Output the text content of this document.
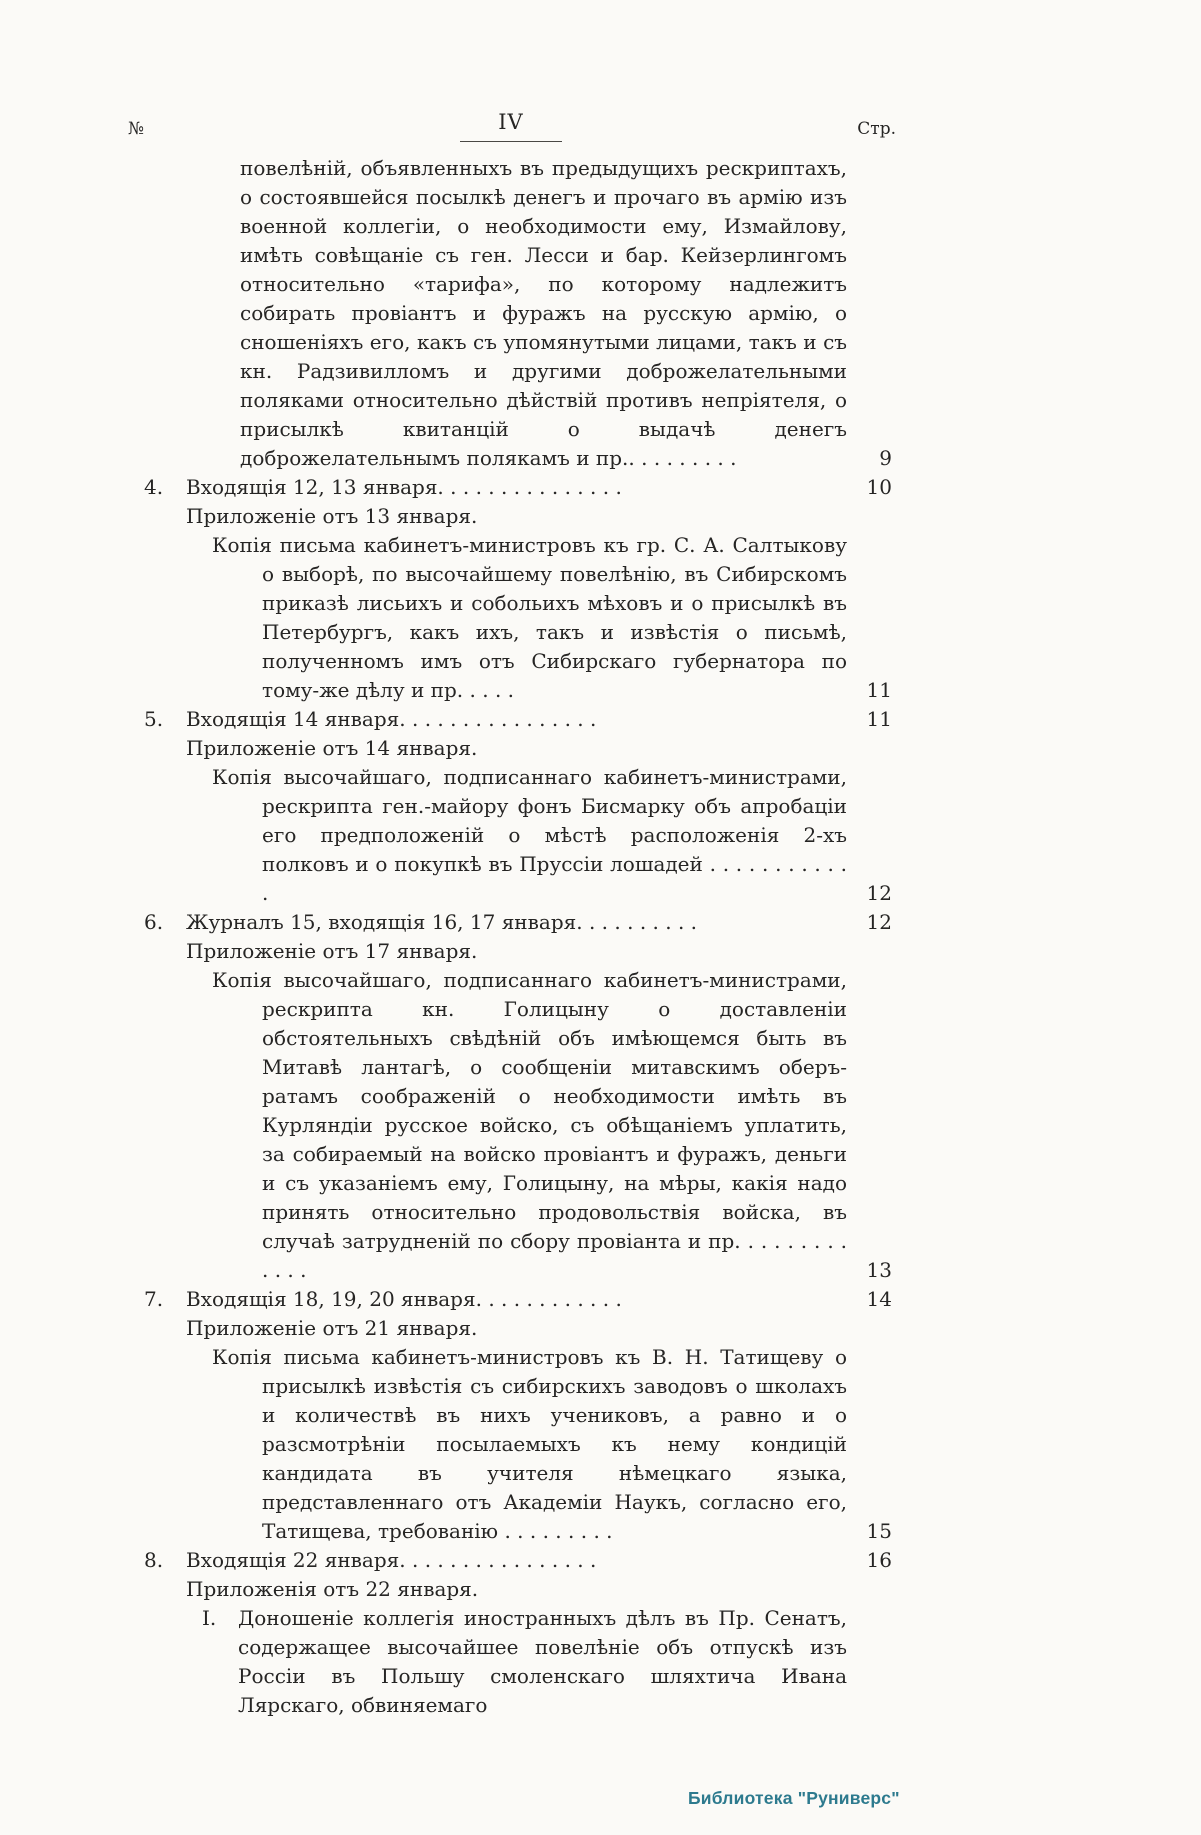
IV
№	Стр.
повелѣній, объявленныхъ въ предыдущихъ рескриптахъ, о состоявшейся посылкѣ денегъ и прочаго въ армію изъ военной коллегіи, о необходимости ему, Измайлову, имѣть совѣщаніе съ ген. Лесси и бар. Кейзерлингомъ относительно «тарифа», по которому надлежитъ собирать провіантъ и фуражъ на русскую армію, о сношеніяхъ его, какъ съ упомянутыми лицами, такъ и съ кн. Радзивилломъ и другими доброжелательными поляками относительно дѣйствій противъ непріятеля, о присылкѣ квитанцій о выдачѣ денегъ доброжелательнымъ полякамъ и пр.. . . . . . . . .	9
4.	Входящія 12, 13 января. . . . . . . . . . . . . . .	10
Приложеніе отъ 13 января.
Копія письма кабинетъ-министровъ къ гр. С. А. Салтыкову о выборѣ, по высочайшему повелѣнію, въ Сибирскомъ приказѣ лисьихъ и собольихъ мѣховъ и о присылкѣ въ Петербургъ, какъ ихъ, такъ и извѣстія о письмѣ, полученномъ имъ отъ Сибирскаго губернатора по тому-же дѣлу и пр. . . . .	11
5.	Входящія 14 января. . . . . . . . . . . . . . . .	11
Приложеніе отъ 14 января.
Копія высочайшаго, подписаннаго кабинетъ-министрами, рескрипта ген.-майору фонъ Бисмарку объ апробаціи его предположеній о мѣстѣ расположенія 2-хъ полковъ и о покупкѣ въ Пруссіи лошадей . . . . . . . . . . . .	12
6.	Журналъ 15, входящія 16, 17 января. . . . . . . . . .	12
Приложеніе отъ 17 января.
Копія высочайшаго, подписаннаго кабинетъ-министрами, рескрипта кн. Голицыну о доставленіи обстоятельныхъ свѣдѣній объ имѣющемся быть въ Митавѣ лантагѣ, о сообщеніи митавскимъ оберъ-ратамъ соображеній о необходимости имѣть въ Курляндіи русское войско, съ обѣщаніемъ уплатить, за собираемый на войско провіантъ и фуражъ, деньги и съ указаніемъ ему, Голицыну, на мѣры, какія надо принять относительно продовольствія войска, въ случаѣ затрудненій по сбору провіанта и пр. . . . . . . . . . . . .	13
7.	Входящія 18, 19, 20 января. . . . . . . . . . . .	14
Приложеніе отъ 21 января.
Копія письма кабинетъ-министровъ къ В. Н. Татищеву о присылкѣ извѣстія съ сибирскихъ заводовъ о школахъ и количествѣ въ нихъ учениковъ, а равно и о разсмотрѣніи посылаемыхъ къ нему кондицій кандидата въ учителя нѣмецкаго языка, представленнаго отъ Академіи Наукъ, согласно его, Татищева, требованію . . . . . . . . .	15
8.	Входящія 22 января. . . . . . . . . . . . . . . .	16
Приложенія отъ 22 января.
I.	Доношеніе коллегія иностранныхъ дѣлъ въ Пр. Сенатъ, содержащее высочайшее повелѣніе объ отпускѣ изъ Россіи въ Польшу смоленскаго шляхтича Ивана Лярскаго, обвиняемаго
Библиотека "Руниверс"
